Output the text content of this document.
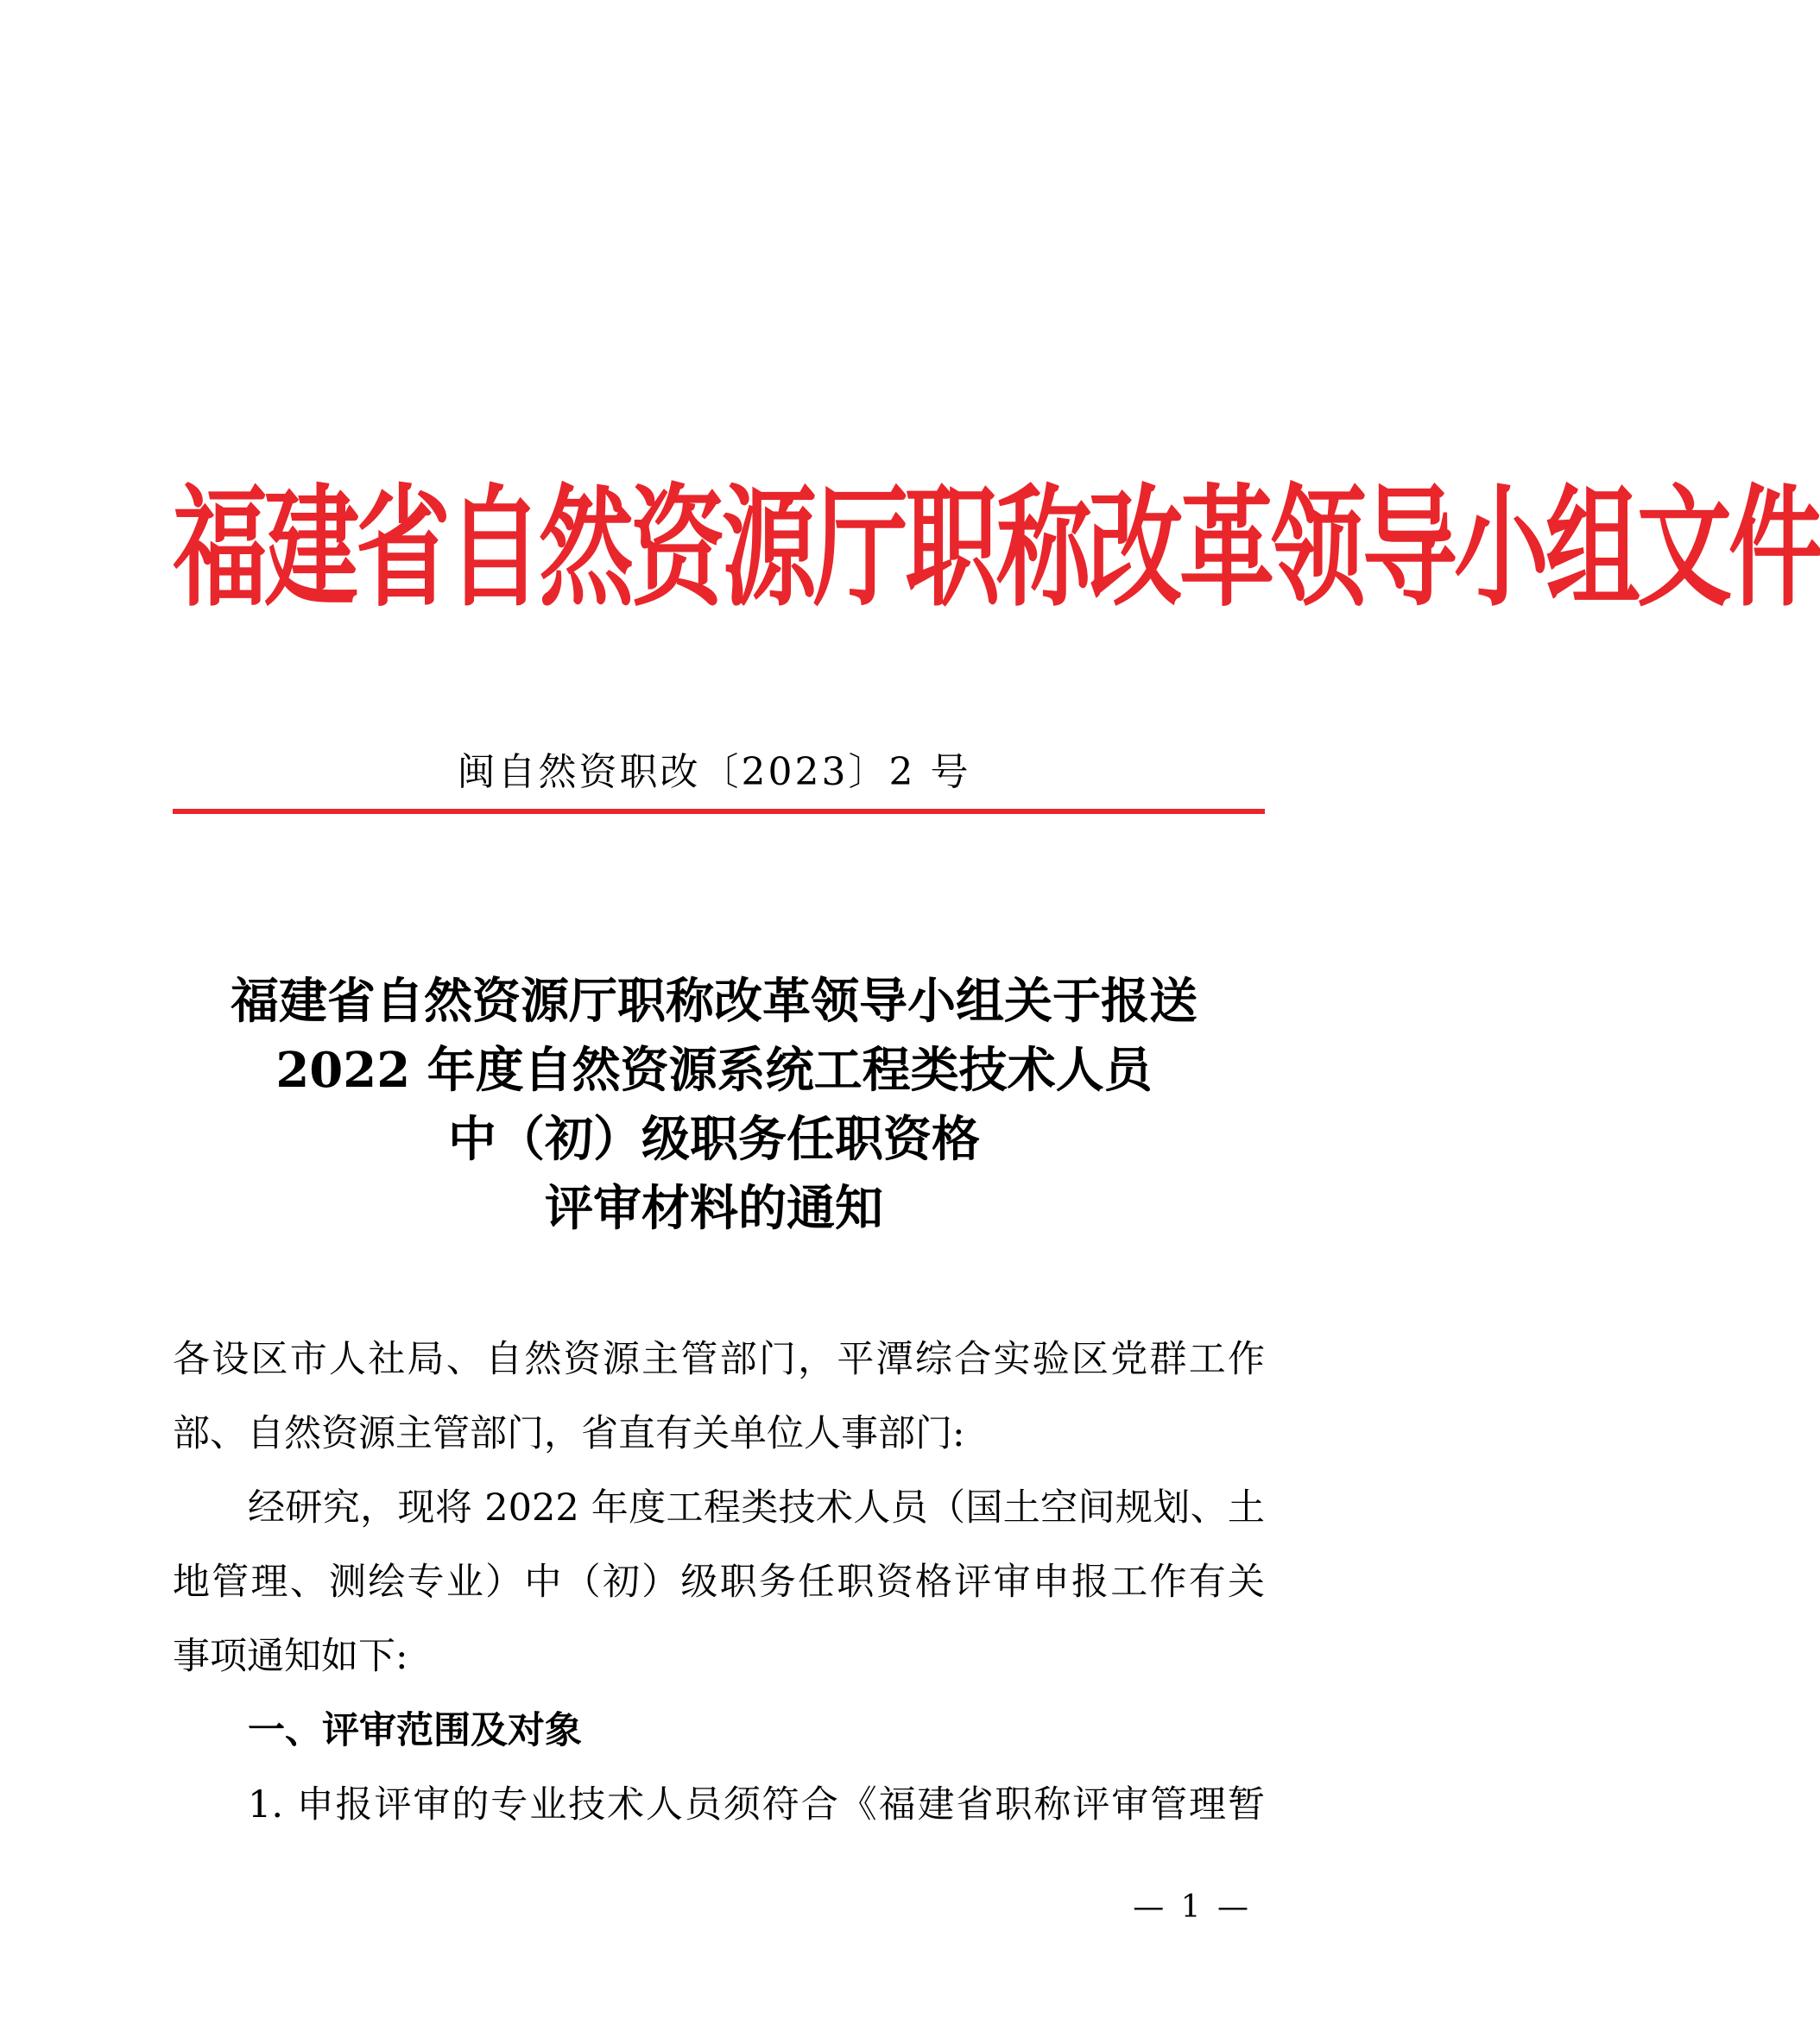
福建省自然资源厅职称改革领导小组文件
闽自然资职改〔2023〕2 号
福建省自然资源厅职称改革领导小组关于报送
2022 年度自然资源系统工程类技术人员
中（初）级职务任职资格
评审材料的通知

各设区市人社局、自然资源主管部门，平潭综合实验区党群工作

部、自然资源主管部门，省直有关单位人事部门:

经研究，现将 2022 年度工程类技术人员（国土空间规划、土

地管理、测绘专业）中（初）级职务任职资格评审申报工作有关

事项通知如下:

一、评审范围及对象

1. 申报评审的专业技术人员须符合《福建省职称评审管理暂

— 1 —
